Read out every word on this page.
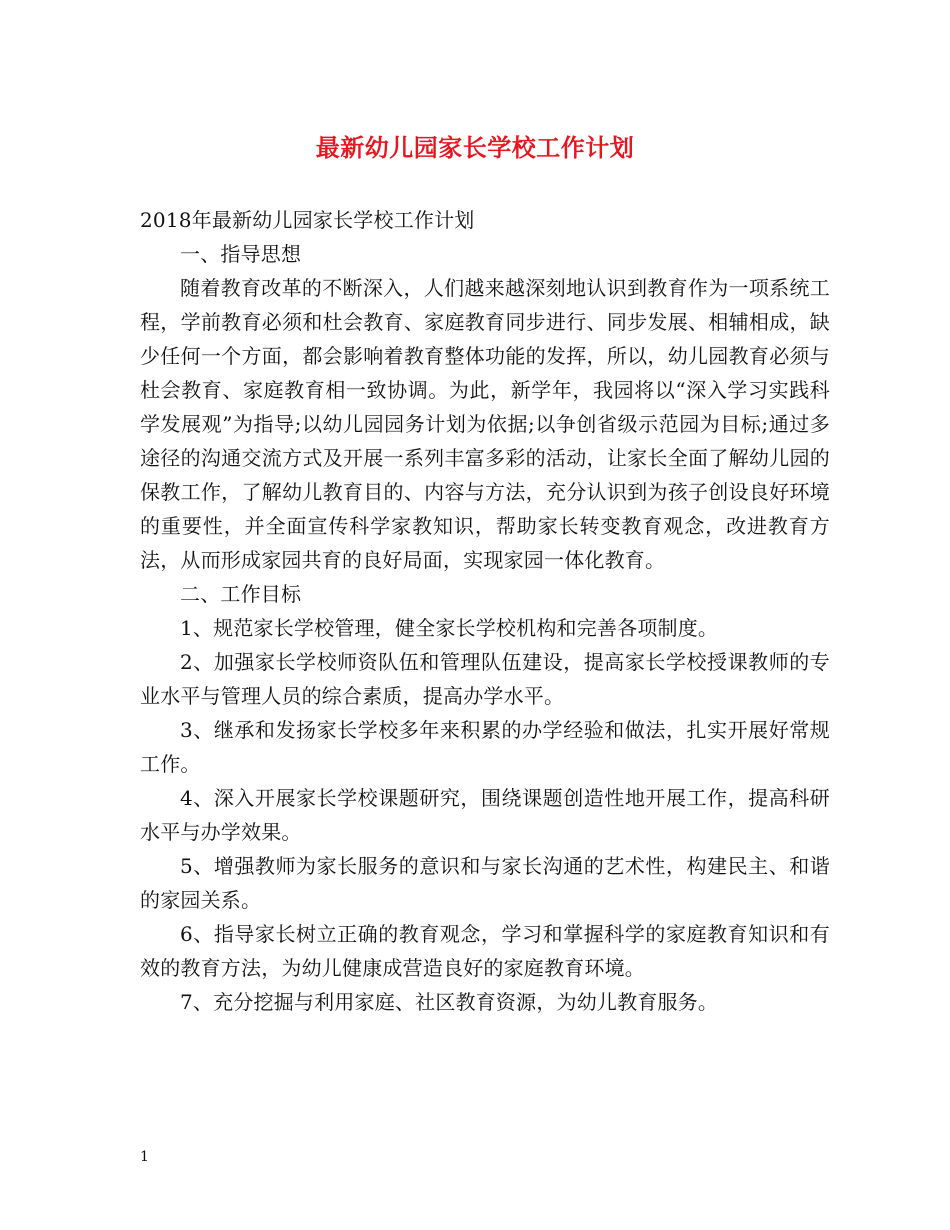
最新幼儿园家长学校工作计划

2018年最新幼儿园家长学校工作计划

一、指导思想

随着教育改革的不断深入，人们越来越深刻地认识到教育作为一项系统工程，学前教育必须和杜会教育、家庭教育同步进行、同步发展、相辅相成，缺少任何一个方面，都会影响着教育整体功能的发挥，所以，幼儿园教育必须与杜会教育、家庭教育相一致协调。为此，新学年，我园将以“深入学习实践科学发展观”为指导;以幼儿园园务计划为依据;以争创省级示范园为目标;通过多途径的沟通交流方式及开展一系列丰富多彩的活动，让家长全面了解幼儿园的保教工作，了解幼儿教育目的、内容与方法，充分认识到为孩子创设良好环境的重要性，并全面宣传科学家教知识，帮助家长转变教育观念，改进教育方法，从而形成家园共育的良好局面，实现家园一体化教育。

二、工作目标

1、规范家长学校管理，健全家长学校机构和完善各项制度。

2、加强家长学校师资队伍和管理队伍建设，提高家长学校授课教师的专业水平与管理人员的综合素质，提高办学水平。

3、继承和发扬家长学校多年来积累的办学经验和做法，扎实开展好常规工作。

4、深入开展家长学校课题研究，围绕课题创造性地开展工作，提高科研水平与办学效果。

5、增强教师为家长服务的意识和与家长沟通的艺术性，构建民主、和谐的家园关系。

6、指导家长树立正确的教育观念，学习和掌握科学的家庭教育知识和有效的教育方法，为幼儿健康成营造良好的家庭教育环境。

7、充分挖掘与利用家庭、社区教育资源，为幼儿教育服务。

1
